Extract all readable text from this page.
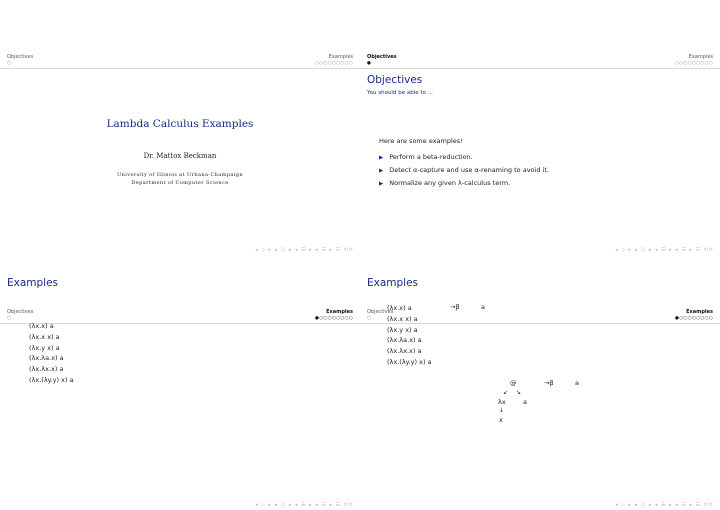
Objectives
○
Examples
○○○○○○○○○
Lambda Calculus Examples
Dr. Mattox Beckman
University of Illinois at Urbana-Champaign
Department of Computer Science
◂ ▫ ▸ ◂ ◫ ▸ ◂ ☰ ▸ ◂ ☰ ▸ ☰ ⟲⟳
Objectives
●
Examples
○○○○○○○○○
Objectives
You should be able to ...
Here are some examples!
▶ Perform a beta-reduction.
▶ Detect α-capture and use α-renaming to avoid it.
▶ Normalize any given λ-calculus term.
◂ ▫ ▸ ◂ ◫ ▸ ◂ ☰ ▸ ◂ ☰ ▸ ☰ ⟲⟳
Objectives
○
Examples
●○○○○○○○○
Examples
(λx.x) a
(λx.x x) a
(λx.y x) a
(λx.λa.x) a
(λx.λx.x) a
(λx.(λy.y) x) a
◂ ▫ ▸ ◂ ◫ ▸ ◂ ☰ ▸ ◂ ☰ ▸ ☰ ⟲⟳
Objectives
○
Examples
●○○○○○○○○
Examples
(λx.x) a
(λx.x x) a
(λx.y x) a
(λx.λa.x) a
(λx.λx.x) a
(λx.(λy.y) x) a
→β	a
@
↙ ↘
λx	a
↓
x
→β	a
◂ ▫ ▸ ◂ ◫ ▸ ◂ ☰ ▸ ◂ ☰ ▸ ☰ ⟲⟳
